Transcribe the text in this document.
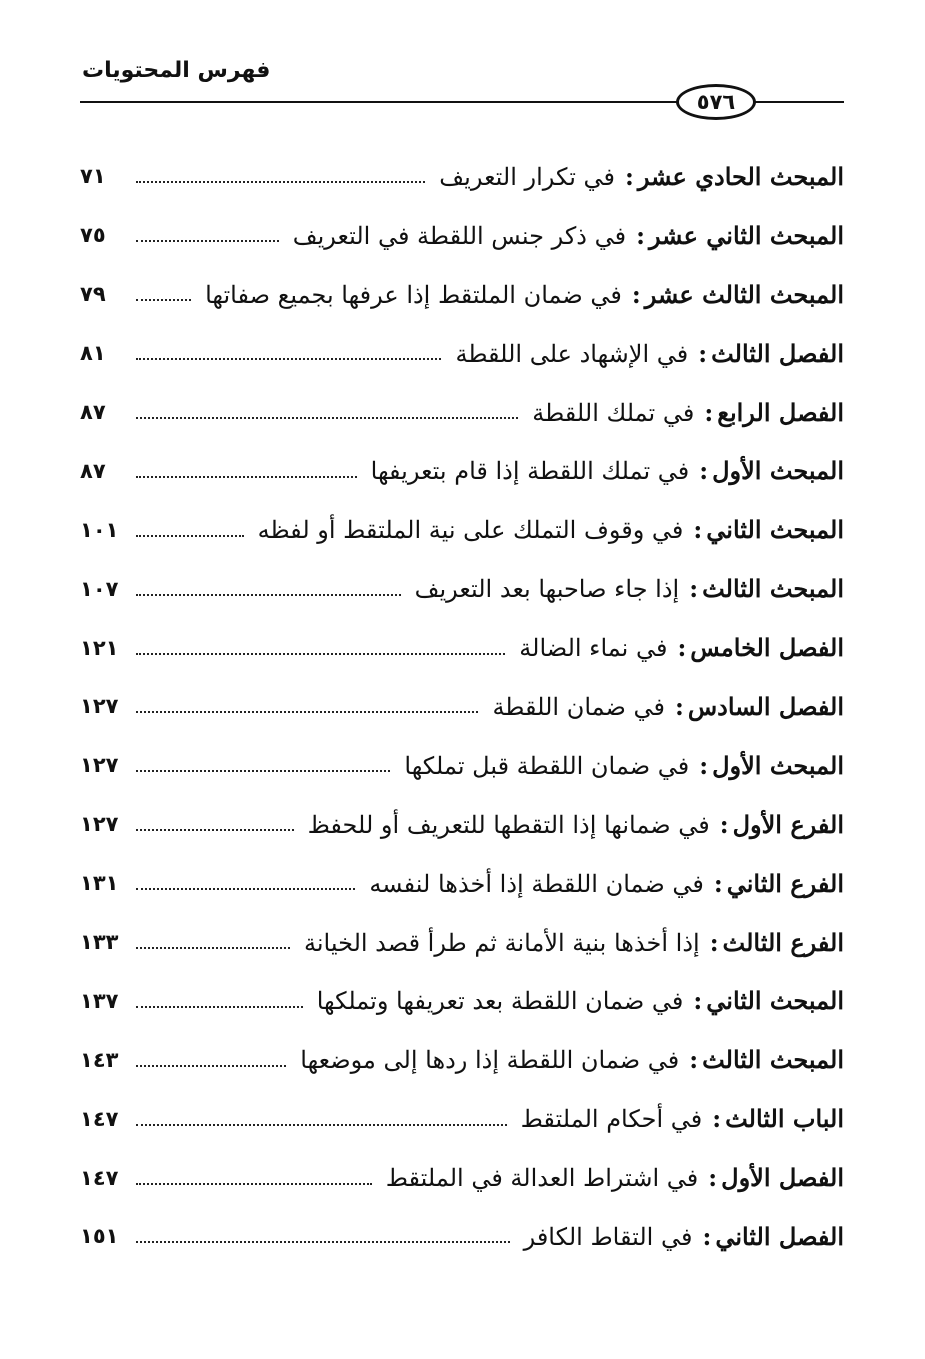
فهرس المحتويات
٥٧٦
المبحث الحادي عشر:في تكرار التعريف
٧١
المبحث الثاني عشر:في ذكر جنس اللقطة في التعريف
٧٥
المبحث الثالث عشر:في ضمان الملتقط إذا عرفها بجميع صفاتها
٧٩
الفصل الثالث:في الإشهاد على اللقطة
٨١
الفصل الرابع:في تملك اللقطة
٨٧
المبحث الأول:في تملك اللقطة إذا قام بتعريفها
٨٧
المبحث الثاني:في وقوف التملك على نية الملتقط أو لفظه
١٠١
المبحث الثالث:إذا جاء صاحبها بعد التعريف
١٠٧
الفصل الخامس:في نماء الضالة
١٢١
الفصل السادس:في ضمان اللقطة
١٢٧
المبحث الأول:في ضمان اللقطة قبل تملكها
١٢٧
الفرع الأول:في ضمانها إذا التقطها للتعريف أو للحفظ
١٢٧
الفرع الثاني:في ضمان اللقطة إذا أخذها لنفسه
١٣١
الفرع الثالث:إذا أخذها بنية الأمانة ثم طرأ قصد الخيانة
١٣٣
المبحث الثاني:في ضمان اللقطة بعد تعريفها وتملكها
١٣٧
المبحث الثالث:في ضمان اللقطة إذا ردها إلى موضعها
١٤٣
الباب الثالث:في أحكام الملتقط
١٤٧
الفصل الأول:في اشتراط العدالة في الملتقط
١٤٧
الفصل الثاني:في التقاط الكافر
١٥١
